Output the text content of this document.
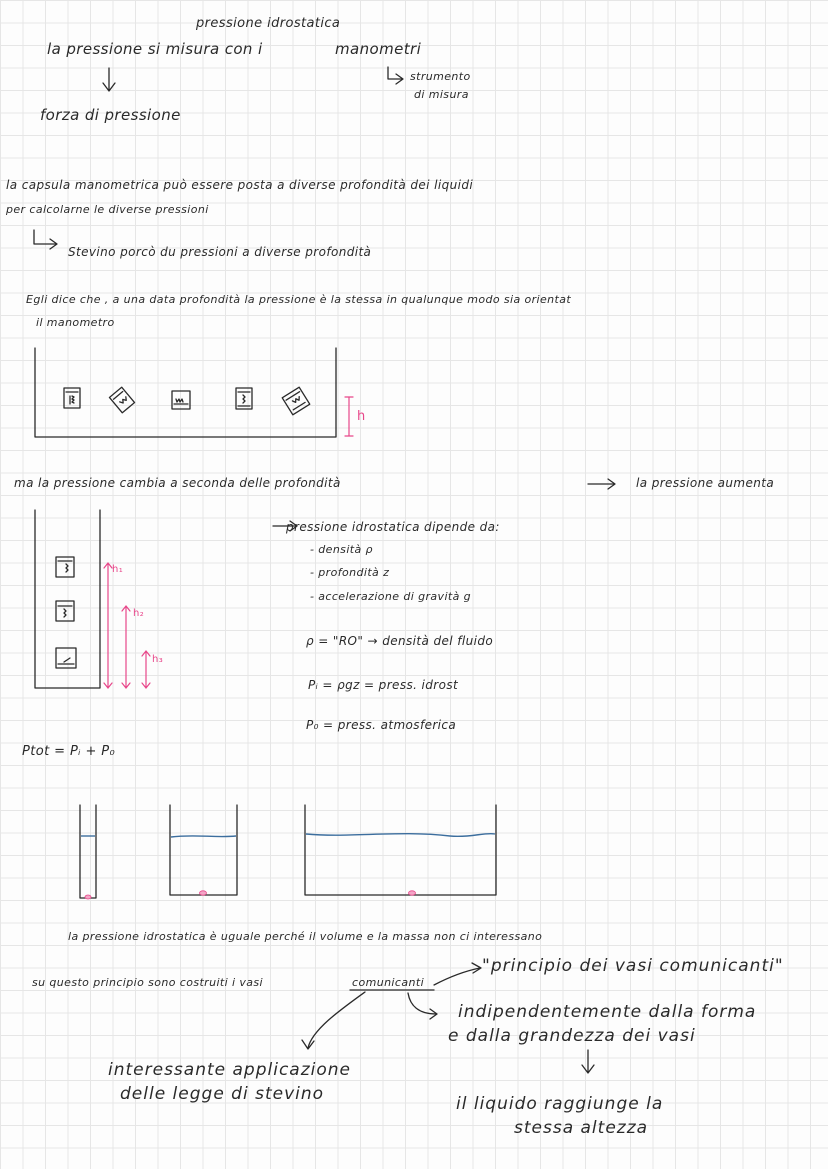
pressione idrostatica
la pressione si misura con i	manometri
forza di pressione
strumento
di misura
la capsula manometrica può essere posta a diverse profondità dei liquidi
per calcolarne le diverse pressioni
Stevino porcò du pressioni a diverse profondità
Egli dice che , a una data profondità la pressione è la stessa in qualunque modo sia orientat
il manometro
h
ma la pressione cambia a seconda delle profondità	la pressione aumenta
h₁
h₂
h₃
pressione idrostatica dipende da:
- densità ρ
- profondità z
- accelerazione di gravità g
ρ = "RO" → densità del fluido
Pᵢ = ρgz = press. idrost
P₀ = press. atmosferica
Ptot = Pᵢ + P₀
la pressione idrostatica è uguale perché il volume e la massa non ci interessano
su questo principio sono costruiti i vasi	comunicanti
"principio dei vasi comunicanti"
indipendentemente dalla forma
e dalla grandezza dei vasi
il liquido raggiunge la
stessa altezza
interessante applicazione
delle legge di stevino
